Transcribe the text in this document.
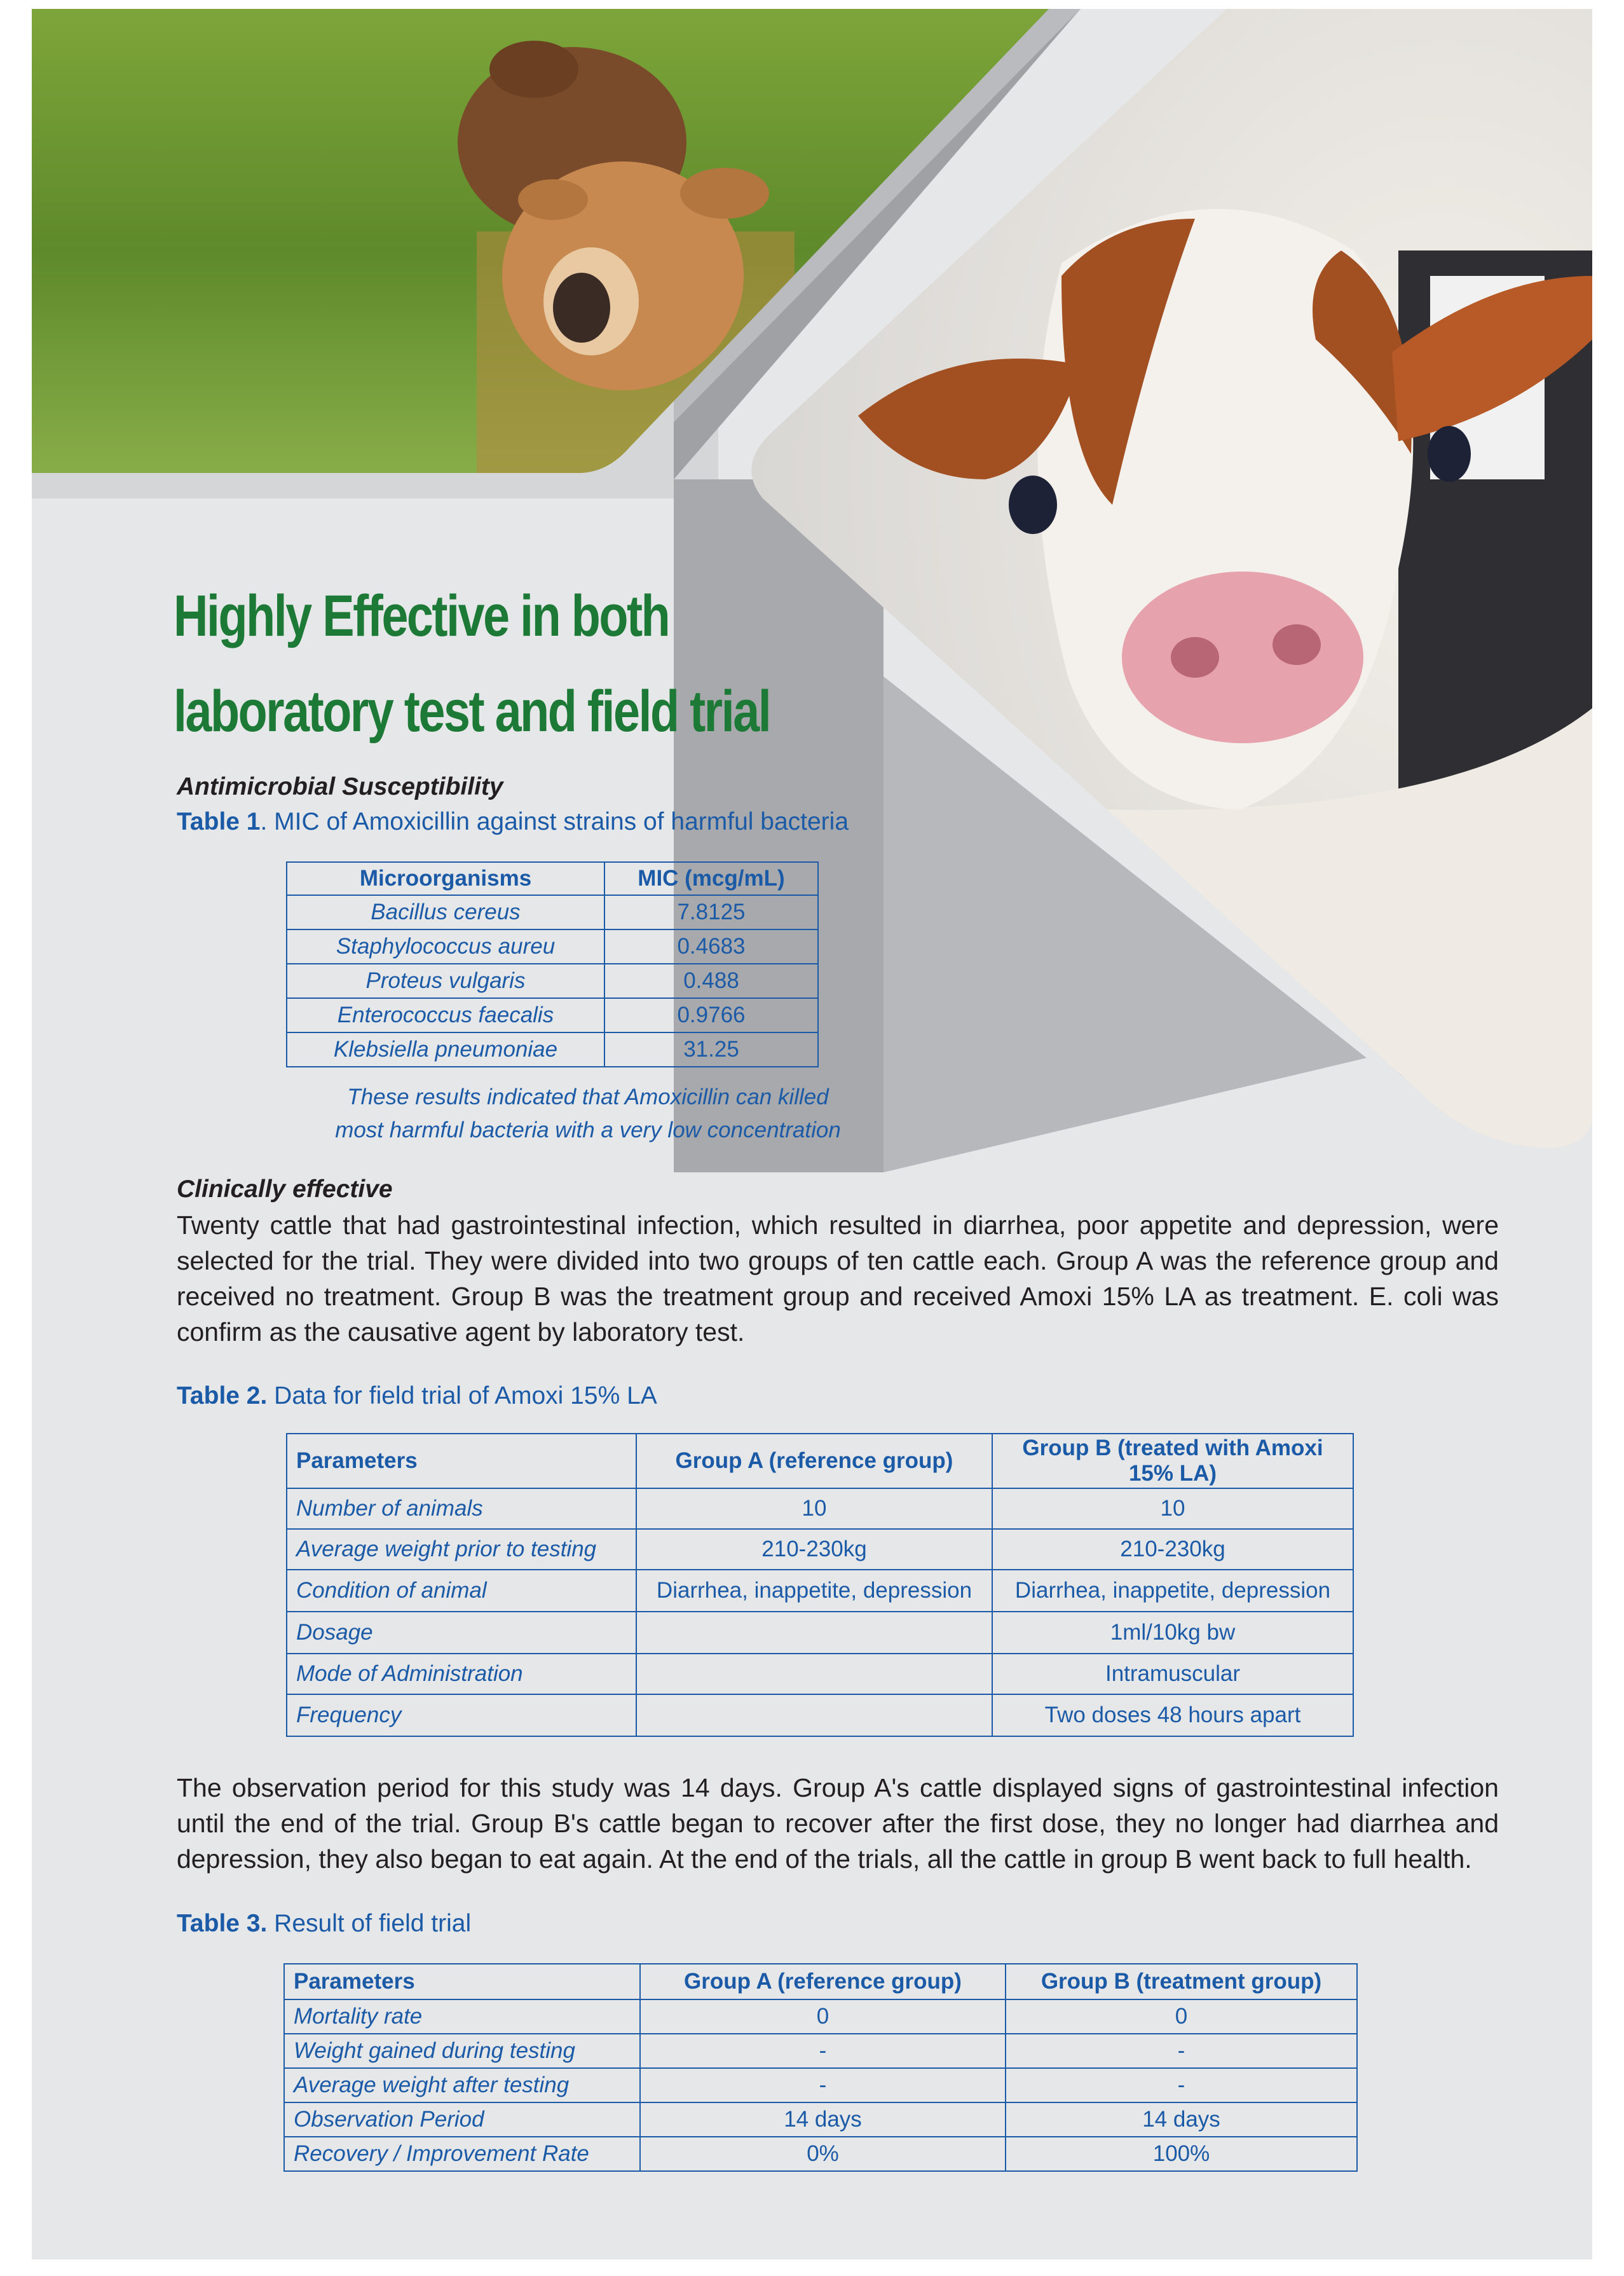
Highly Effective in both
laboratory test and field trial

Antimicrobial Susceptibility

Table 1. MIC of Amoxicillin against strains of harmful bacteria

Microorganisms	MIC (mcg/mL)
Bacillus cereus	7.8125
Staphylococcus aureu	0.4683
Proteus vulgaris	0.488
Enterococcus faecalis	0.9766
Klebsiella pneumoniae	31.25

These results indicated that Amoxicillin can killed
most harmful bacteria with a very low concentration

Clinically effective

Twenty cattle that had gastrointestinal infection, which resulted in diarrhea, poor appetite and depression, were selected for the trial. They were divided into two groups of ten cattle each. Group A was the reference group and received no treatment. Group B was the treatment group and received Amoxi 15% LA as treatment. E. coli was confirm as the causative agent by laboratory test.

Table 2. Data for field trial of Amoxi 15% LA

Parameters	Group A (reference group)	Group B (treated with Amoxi 15% LA)
Number of animals	10	10
Average weight prior to testing	210-230kg	210-230kg
Condition of animal	Diarrhea, inappetite, depression	Diarrhea, inappetite, depression
Dosage		1ml/10kg bw
Mode of Administration		Intramuscular
Frequency		Two doses 48 hours apart

The observation period for this study was 14 days. Group A's cattle displayed signs of gastrointestinal infection until the end of the trial. Group B's cattle began to recover after the first dose, they no longer had diarrhea and depression, they also began to eat again. At the end of the trials, all the cattle in group B went back to full health.

Table 3. Result of field trial

Parameters	Group A (reference group)	Group B (treatment group)
Mortality rate	0	0
Weight gained during testing	-	-
Average weight after testing	-	-
Observation Period	14 days	14 days
Recovery / Improvement Rate	0%	100%
